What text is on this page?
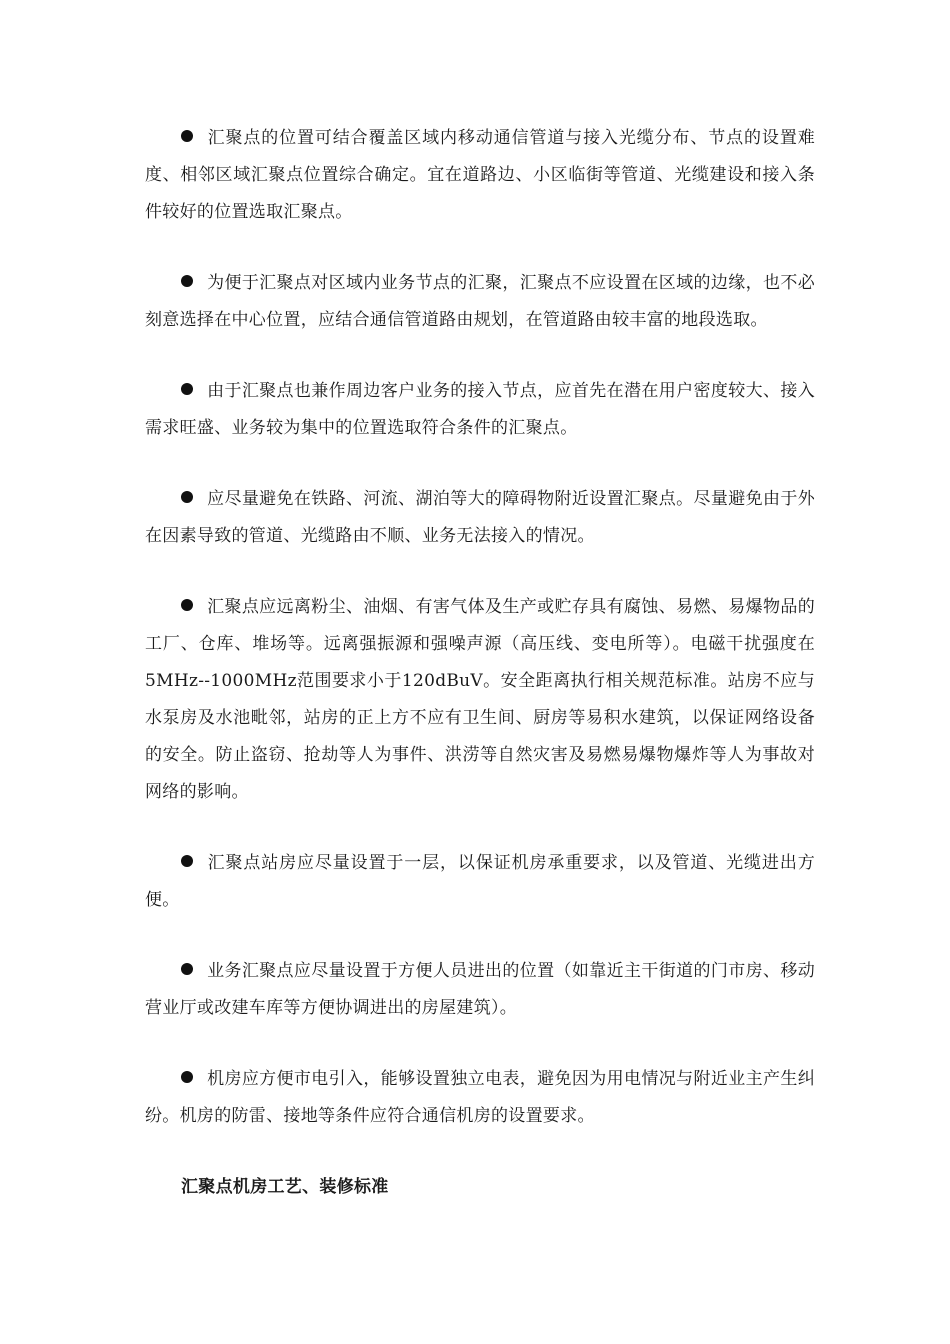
汇聚点的位置可结合覆盖区域内移动通信管道与接入光缆分布、节点的设置难度、相邻区域汇聚点位置综合确定。宜在道路边、小区临街等管道、光缆建设和接入条件较好的位置选取汇聚点。

为便于汇聚点对区域内业务节点的汇聚，汇聚点不应设置在区域的边缘，也不必刻意选择在中心位置，应结合通信管道路由规划，在管道路由较丰富的地段选取。

由于汇聚点也兼作周边客户业务的接入节点，应首先在潜在用户密度较大、接入需求旺盛、业务较为集中的位置选取符合条件的汇聚点。

应尽量避免在铁路、河流、湖泊等大的障碍物附近设置汇聚点。尽量避免由于外在因素导致的管道、光缆路由不顺、业务无法接入的情况。

汇聚点应远离粉尘、油烟、有害气体及生产或贮存具有腐蚀、易燃、易爆物品的工厂、仓库、堆场等。远离强振源和强噪声源（高压线、变电所等）。电磁干扰强度在5MHz--1000MHz范围要求小于120dBuV。安全距离执行相关规范标准。站房不应与水泵房及水池毗邻，站房的正上方不应有卫生间、厨房等易积水建筑，以保证网络设备的安全。防止盗窃、抢劫等人为事件、洪涝等自然灾害及易燃易爆物爆炸等人为事故对网络的影响。

汇聚点站房应尽量设置于一层，以保证机房承重要求，以及管道、光缆进出方便。

业务汇聚点应尽量设置于方便人员进出的位置（如靠近主干街道的门市房、移动营业厅或改建车库等方便协调进出的房屋建筑）。

机房应方便市电引入，能够设置独立电表，避免因为用电情况与附近业主产生纠纷。机房的防雷、接地等条件应符合通信机房的设置要求。

汇聚点机房工艺、装修标准
